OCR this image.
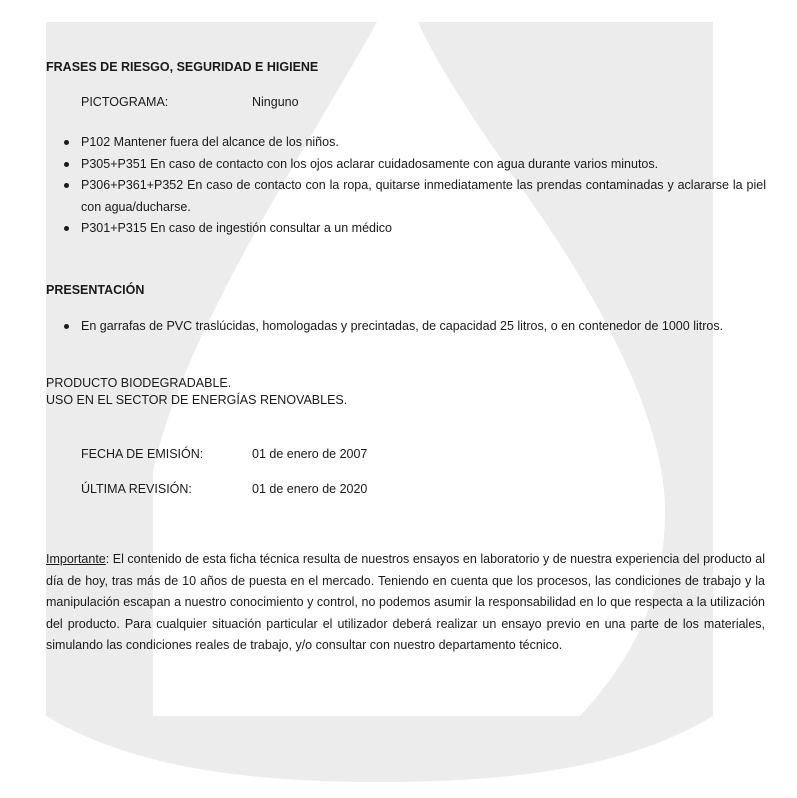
FRASES DE RIESGO, SEGURIDAD E HIGIENE
PICTOGRAMA:	Ninguno
P102 Mantener fuera del alcance de los niños.
P305+P351 En caso de contacto con los ojos aclarar cuidadosamente con agua durante varios minutos.
P306+P361+P352 En caso de contacto con la ropa, quitarse inmediatamente las prendas contaminadas y aclararse la piel con agua/ducharse.
P301+P315 En caso de ingestión consultar a un médico
PRESENTACIÓN
En garrafas de PVC traslúcidas, homologadas y precintadas, de capacidad 25 litros, o en contenedor de 1000 litros.
PRODUCTO BIODEGRADABLE.
USO EN EL SECTOR DE ENERGÍAS RENOVABLES.
FECHA DE EMISIÓN:	01 de enero de 2007
ÚLTIMA REVISIÓN:	01 de enero de 2020
Importante: El contenido de esta ficha técnica resulta de nuestros ensayos en laboratorio y de nuestra experiencia del producto al día de hoy, tras más de 10 años de puesta en el mercado. Teniendo en cuenta que los procesos, las condiciones de trabajo y la manipulación escapan a nuestro conocimiento y control, no podemos asumir la responsabilidad en lo que respecta a la utilización del producto. Para cualquier situación particular el utilizador deberá realizar un ensayo previo en una parte de los materiales, simulando las condiciones reales de trabajo, y/o consultar con nuestro departamento técnico.
